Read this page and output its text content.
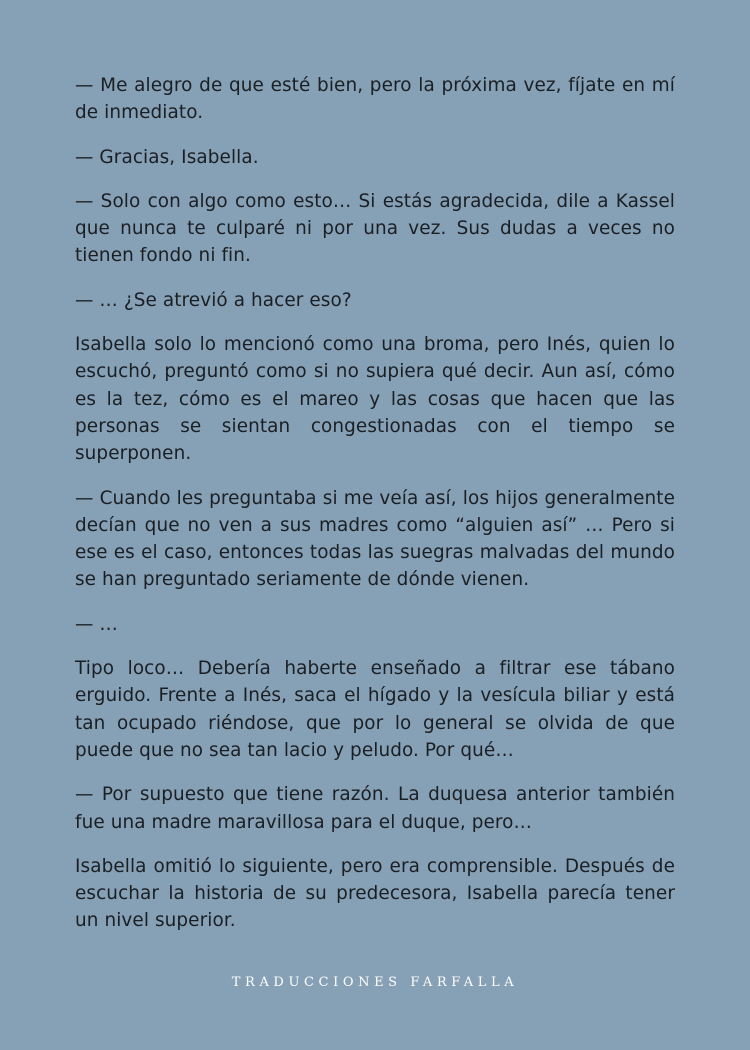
— Me alegro de que esté bien, pero la próxima vez, fíjate en mí de inmediato.

— Gracias, Isabella.

— Solo con algo como esto… Si estás agradecida, dile a Kassel que nunca te culparé ni por una vez. Sus dudas a veces no tienen fondo ni fin.

— … ¿Se atrevió a hacer eso?

Isabella solo lo mencionó como una broma, pero Inés, quien lo escuchó, preguntó como si no supiera qué decir. Aun así, cómo es la tez, cómo es el mareo y las cosas que hacen que las personas se sientan congestionadas con el tiempo se superponen.

— Cuando les preguntaba si me veía así, los hijos generalmente decían que no ven a sus madres como “alguien así” … Pero si ese es el caso, entonces todas las suegras malvadas del mundo se han preguntado seriamente de dónde vienen.

— …

Tipo loco… Debería haberte enseñado a filtrar ese tábano erguido. Frente a Inés, saca el hígado y la vesícula biliar y está tan ocupado riéndose, que por lo general se olvida de que puede que no sea tan lacio y peludo. Por qué…

— Por supuesto que tiene razón. La duquesa anterior también fue una madre maravillosa para el duque, pero…

Isabella omitió lo siguiente, pero era comprensible. Después de escuchar la historia de su predecesora, Isabella parecía tener un nivel superior.

TRADUCCIONES FARFALLA
